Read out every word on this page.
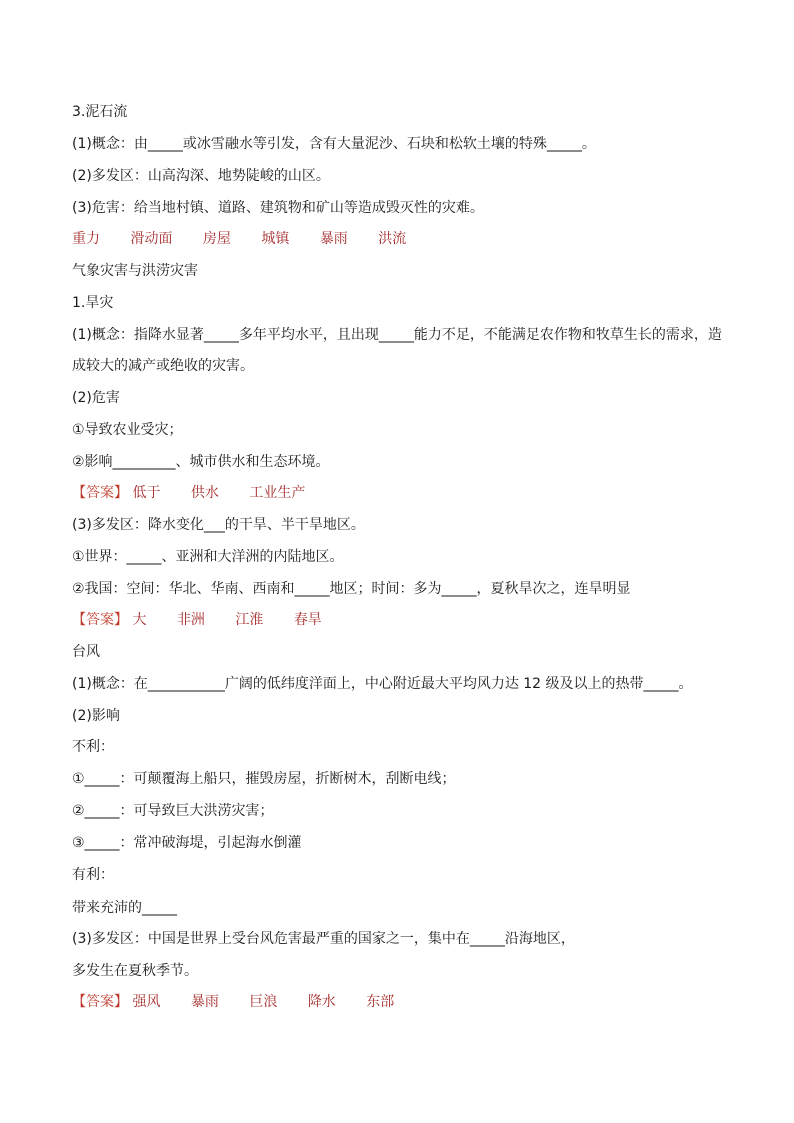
3.泥石流
(1)概念：由_____或冰雪融水等引发，含有大量泥沙、石块和松软土壤的特殊_____。
(2)多发区：山高沟深、地势陡峻的山区。
(3)危害：给当地村镇、道路、建筑物和矿山等造成毁灭性的灾难。
重力 滑动面 房屋 城镇 暴雨 洪流
气象灾害与洪涝灾害
1.旱灾
(1)概念：指降水显著_____多年平均水平，且出现_____能力不足，不能满足农作物和牧草生长的需求，造
成较大的减产或绝收的灾害。
(2)危害
①导致农业受灾；
②影响_________、城市供水和生态环境。
【答案】 低于 供水 工业生产
(3)多发区：降水变化___的干旱、半干旱地区。
①世界：_____、亚洲和大洋洲的内陆地区。
②我国：空间：华北、华南、西南和_____地区；时间：多为_____，夏秋旱次之，连旱明显
【答案】 大 非洲 江淮 春旱
台风
(1)概念：在___________广阔的低纬度洋面上，中心附近最大平均风力达 12 级及以上的热带_____。
(2)影响
不利：
①_____：可颠覆海上船只，摧毁房屋，折断树木，刮断电线；
②_____：可导致巨大洪涝灾害；
③_____：常冲破海堤，引起海水倒灌
有利：
带来充沛的_____
(3)多发区：中国是世界上受台风危害最严重的国家之一，集中在_____沿海地区，
多发生在夏秋季节。
【答案】 强风 暴雨 巨浪 降水 东部
